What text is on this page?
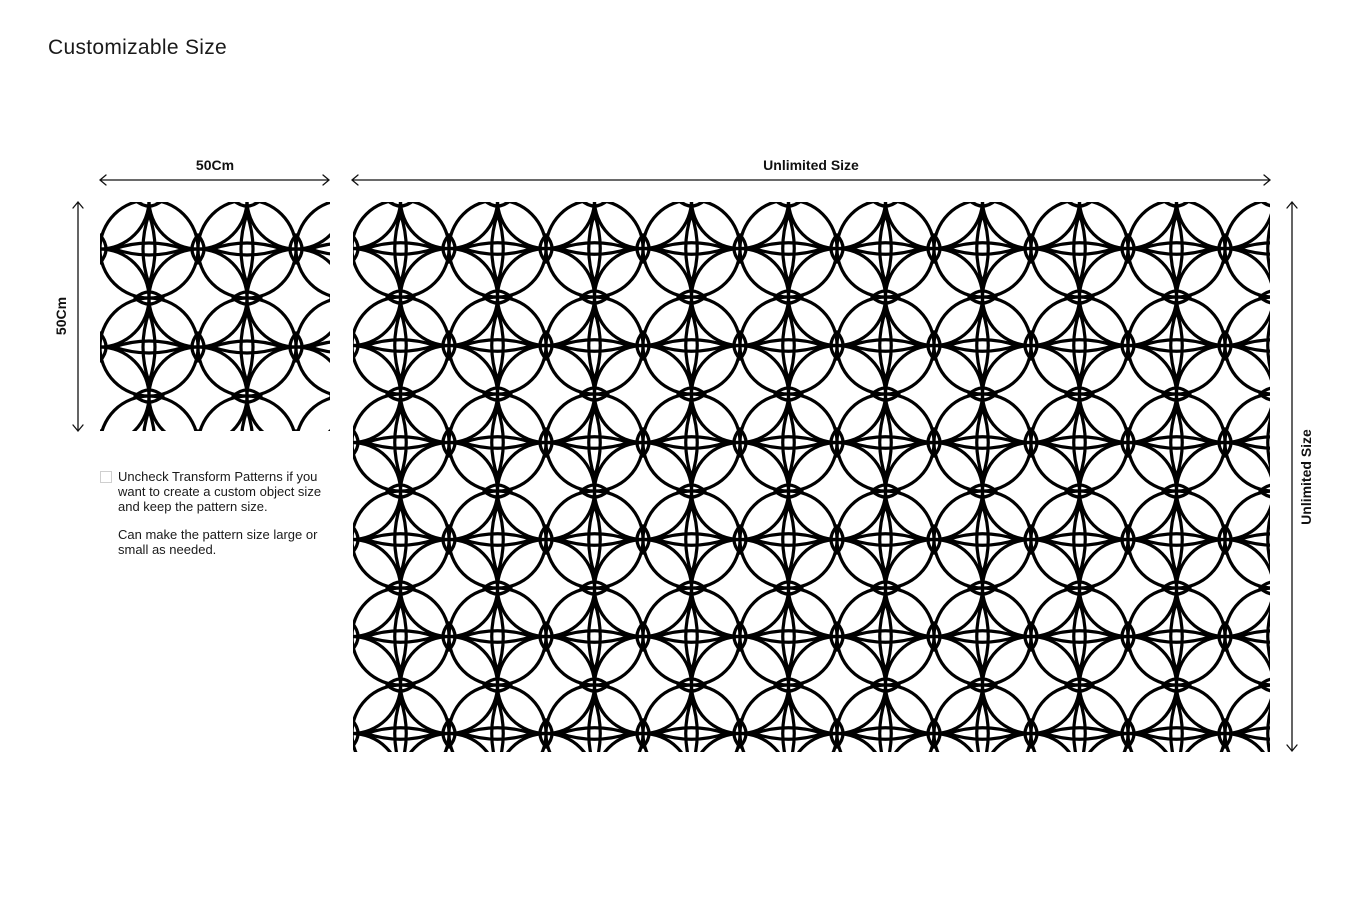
Customizable Size
50Cm	Unlimited Size
50Cm
Unlimited Size

Uncheck Transform Patterns if you want to create a custom object size and keep the pattern size.

Can make the pattern size large or small as needed.
